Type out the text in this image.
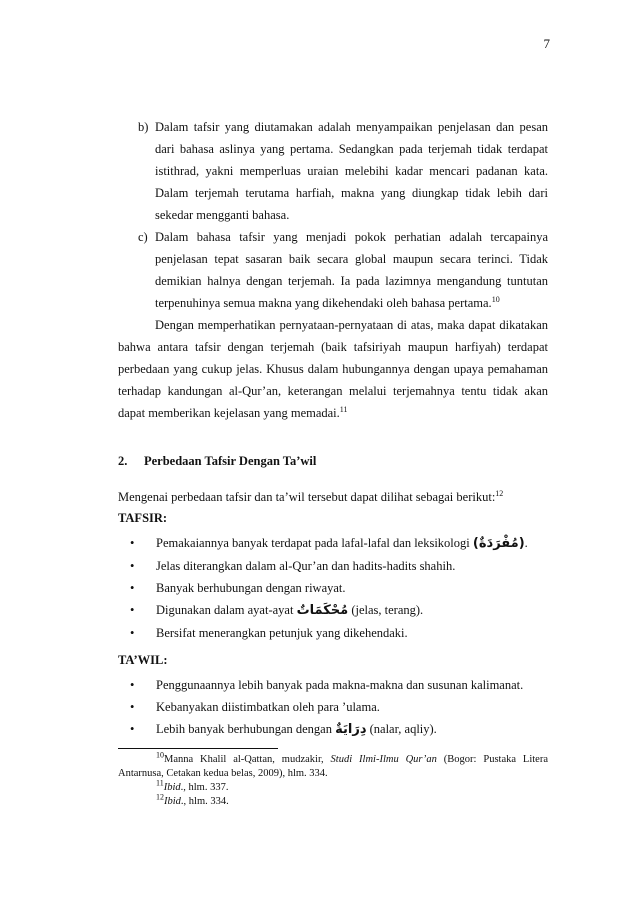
7
b) Dalam tafsir yang diutamakan adalah menyampaikan penjelasan dan pesan dari bahasa aslinya yang pertama. Sedangkan pada terjemah tidak terdapat istithrad, yakni memperluas uraian melebihi kadar mencari padanan kata. Dalam terjemah terutama harfiah, makna yang diungkap tidak lebih dari sekedar mengganti bahasa.
c) Dalam bahasa tafsir yang menjadi pokok perhatian adalah tercapainya penjelasan tepat sasaran baik secara global maupun secara terinci. Tidak demikian halnya dengan terjemah. Ia pada lazimnya mengandung tuntutan terpenuhinya semua makna yang dikehendaki oleh bahasa pertama.$^{10}$

Dengan memperhatikan pernyataan-pernyataan di atas, maka dapat dikatakan bahwa antara tafsir dengan terjemah (baik tafsiriyah maupun harfiyah) terdapat perbedaan yang cukup jelas. Khusus dalam hubungannya dengan upaya pemahaman terhadap kandungan al-Qur’an, keterangan melalui terjemahnya tentu tidak akan dapat memberikan kejelasan yang memadai.$^{11}$

2. Perbedaan Tafsir Dengan Ta’wil
Mengenai perbedaan tafsir dan ta’wil tersebut dapat dilihat sebagai berikut:$^{12}$
TAFSIR:
•	Pemakaiannya banyak terdapat pada lafal-lafal dan leksikologi (مُفْرَدَةٌ).
•	Jelas diterangkan dalam al-Qur’an dan hadits-hadits shahih.
•	Banyak berhubungan dengan riwayat.
•	Digunakan dalam ayat-ayat مُحْكَمَاتٌ (jelas, terang).
•	Bersifat menerangkan petunjuk yang dikehendaki.
TA’WIL:
•	Penggunaannya lebih banyak pada makna-makna dan susunan kalimanat.
•	Kebanyakan diistimbatkan oleh para ’ulama.
•	Lebih banyak berhubungan dengan دِرَايَةٌ (nalar, aqliy).
$^{10}$Manna Khalil al-Qattan, mudzakir, Studi Ilmi-Ilmu Qur’an (Bogor: Pustaka Litera Antarnusa, Cetakan kedua belas, 2009), hlm. 334.
$^{11}$Ibid., hlm. 337.
$^{12}$Ibid., hlm. 334.
